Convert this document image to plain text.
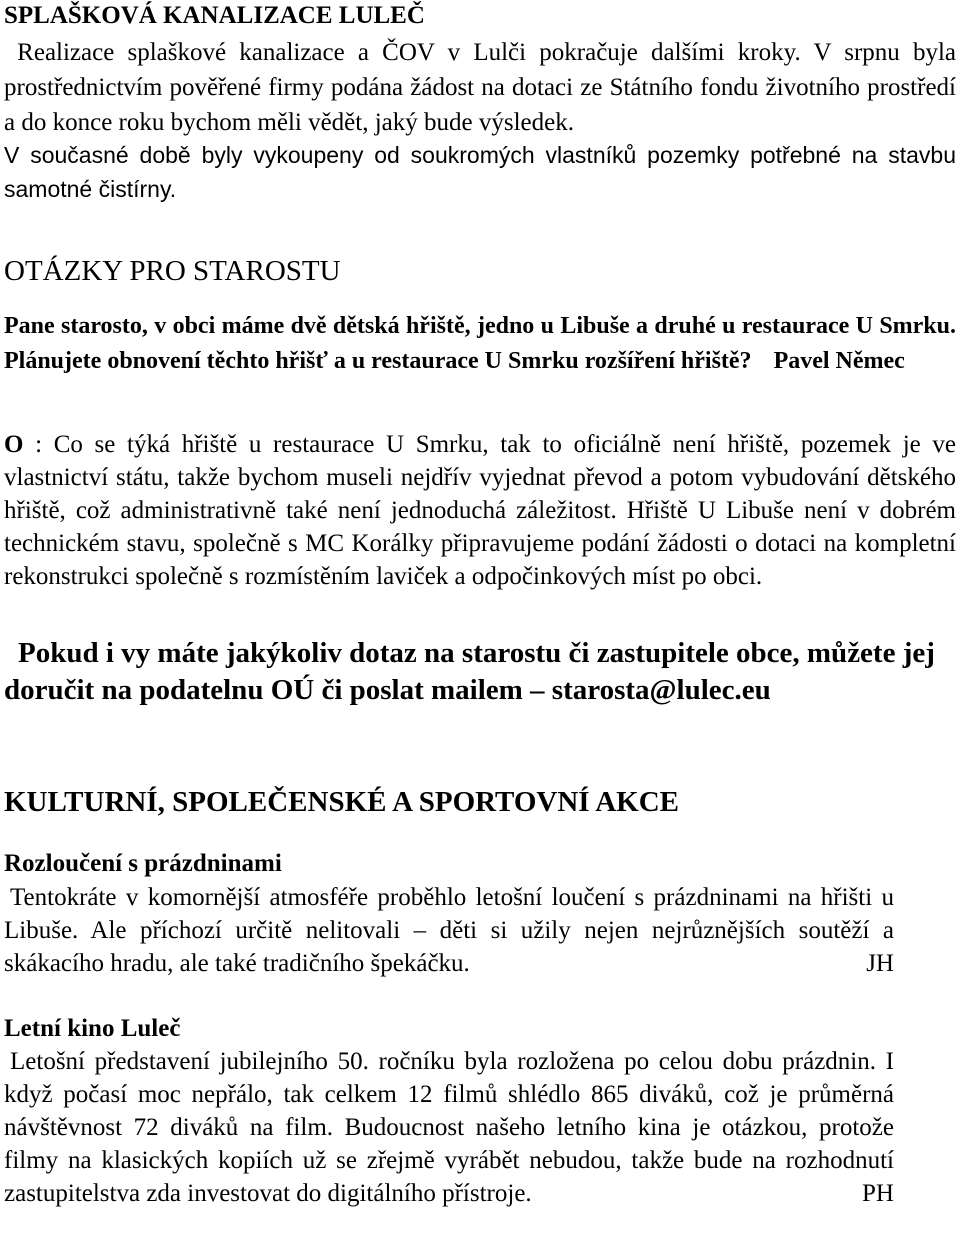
SPLAŠKOVÁ KANALIZACE LULEČ

Realizace splaškové kanalizace a ČOV v Lulči pokračuje dalšími kroky. V srpnu byla prostřednictvím pověřené firmy podána žádost na dotaci ze Státního fondu životního prostředí a do konce roku bychom měli vědět, jaký bude výsledek.

V současné době byly vykoupeny od soukromých vlastníků pozemky potřebné na stavbu samotné čistírny.

OTÁZKY PRO STAROSTU

Pane starosto, v obci máme dvě dětská hřiště, jedno u Libuše a druhé u restaurace U Smrku. Plánujete obnovení těchto hřišť a u restaurace U Smrku rozšíření hřiště? Pavel Němec

O : Co se týká hřiště u restaurace U Smrku, tak to oficiálně není hřiště, pozemek je ve vlastnictví státu, takže bychom museli nejdřív vyjednat převod a potom vybudování dětského hřiště, což administrativně také není jednoduchá záležitost. Hřiště U Libuše není v dobrém technickém stavu, společně s MC Korálky připravujeme podání žádosti o dotaci na kompletní rekonstrukci společně s rozmístěním laviček a odpočinkových míst po obci.

Pokud i vy máte jakýkoliv dotaz na starostu či zastupitele obce, můžete jej doručit na podatelnu OÚ či poslat mailem – starosta@lulec.eu

KULTURNÍ, SPOLEČENSKÉ A SPORTOVNÍ AKCE
Rozloučení s prázdninami

Tentokráte v komornější atmosféře proběhlo letošní loučení s prázdninami na hřišti u Libuše. Ale příchozí určitě nelitovali – děti si užily nejen nejrůznějších soutěží a skákacího hradu, ale také tradičního špekáčku.	JH

Letní kino Luleč

Letošní představení jubilejního 50. ročníku byla rozložena po celou dobu prázdnin. I když počasí moc nepřálo, tak celkem 12 filmů shlédlo 865 diváků, což je průměrná návštěvnost 72 diváků na film. Budoucnost našeho letního kina je otázkou, protože filmy na klasických kopiích už se zřejmě vyrábět nebudou, takže bude na rozhodnutí zastupitelstva zda investovat do digitálního přístroje.	PH
